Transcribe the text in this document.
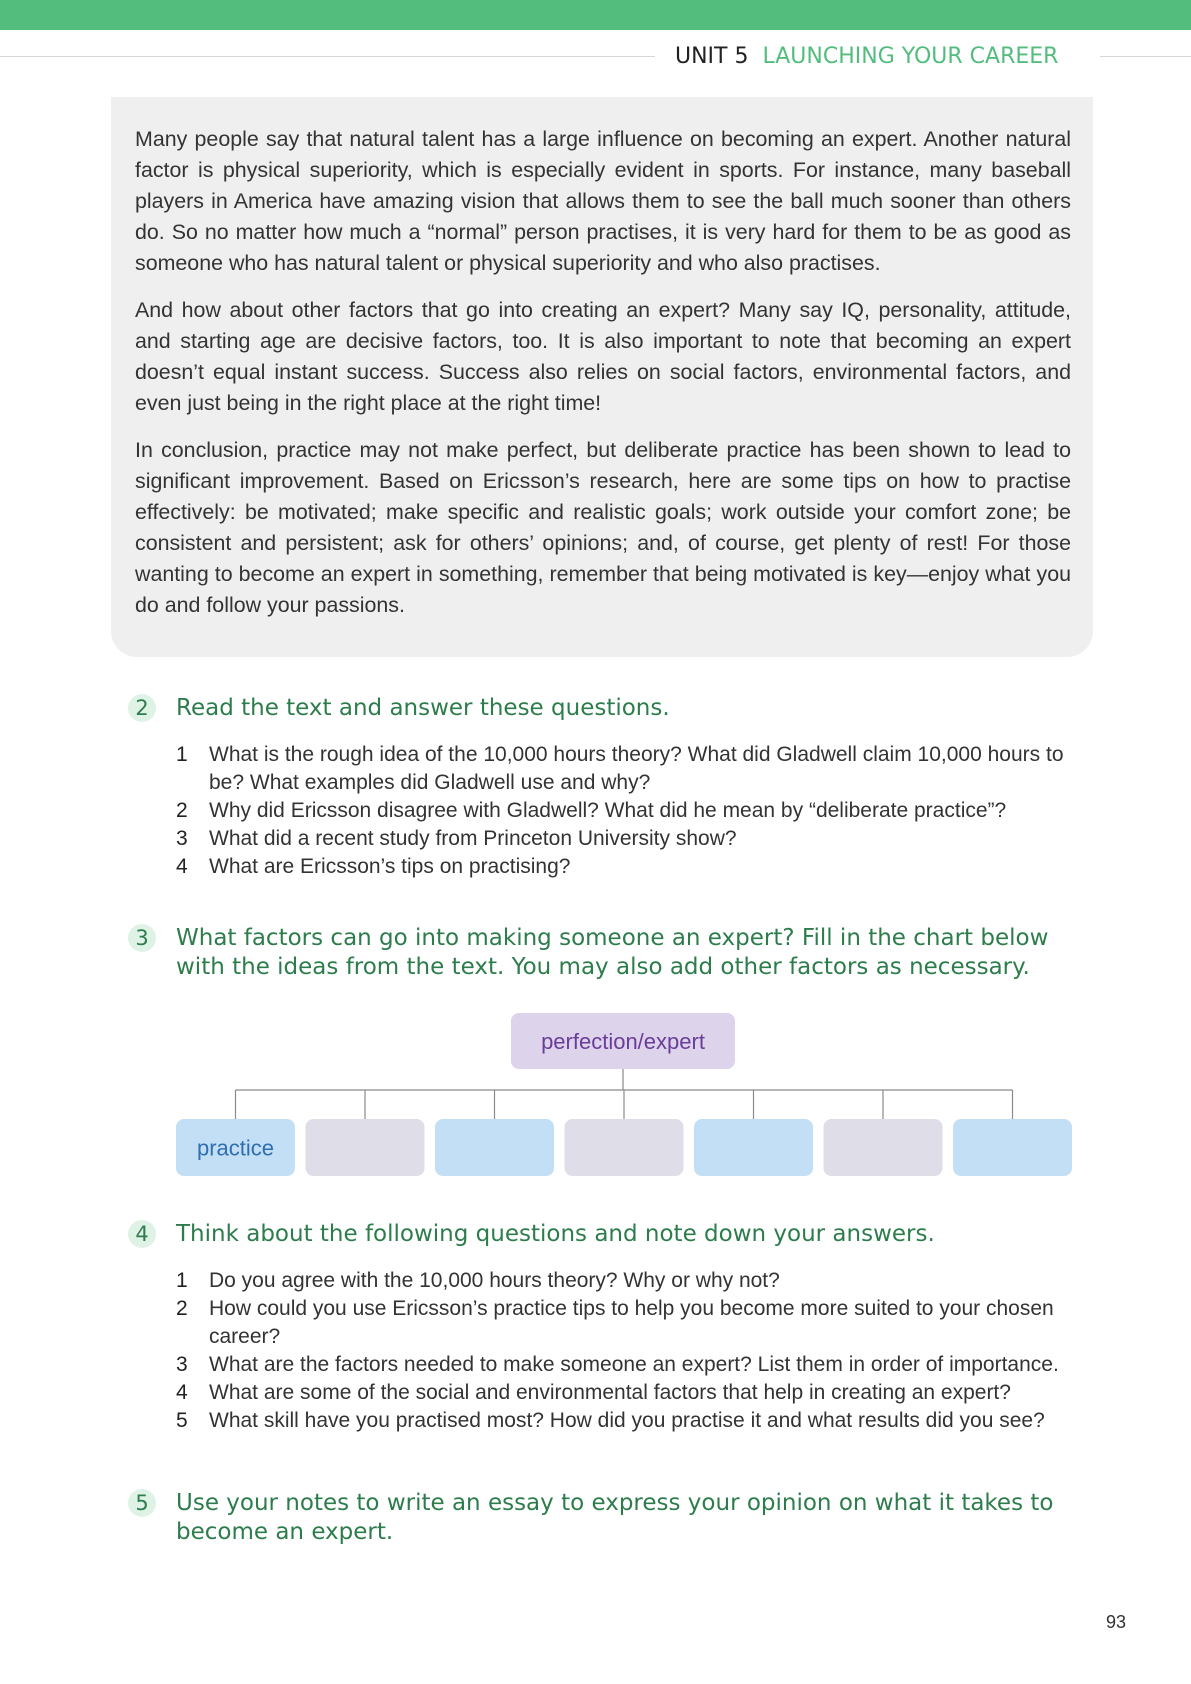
UNIT 5 LAUNCHING YOUR CAREER

Many people say that natural talent has a large influence on becoming an expert. Another natural factor is physical superiority, which is especially evident in sports. For instance, many baseball players in America have amazing vision that allows them to see the ball much sooner than others do. So no matter how much a “normal” person practises, it is very hard for them to be as good as someone who has natural talent or physical superiority and who also practises.

And how about other factors that go into creating an expert? Many say IQ, personality, attitude, and starting age are decisive factors, too. It is also important to note that becoming an expert doesn’t equal instant success. Success also relies on social factors, environmental factors, and even just being in the right place at the right time!

In conclusion, practice may not make perfect, but deliberate practice has been shown to lead to significant improvement. Based on Ericsson’s research, here are some tips on how to practise effectively: be motivated; make specific and realistic goals; work outside your comfort zone; be consistent and persistent; ask for others’ opinions; and, of course, get plenty of rest! For those wanting to become an expert in something, remember that being motivated is key—enjoy what you do and follow your passions.

2	Read the text and answer these questions.
1 What is the rough idea of the 10,000 hours theory? What did Gladwell claim 10,000 hours to be? What examples did Gladwell use and why?
2 Why did Ericsson disagree with Gladwell? What did he mean by “deliberate practice”?
3 What did a recent study from Princeton University show?
4 What are Ericsson’s tips on practising?
3	What factors can go into making someone an expert? Fill in the chart below with the ideas from the text. You may also add other factors as necessary.
perfection/expert
practice
4	Think about the following questions and note down your answers.
1 Do you agree with the 10,000 hours theory? Why or why not?
2 How could you use Ericsson’s practice tips to help you become more suited to your chosen career?
3 What are the factors needed to make someone an expert? List them in order of importance.
4 What are some of the social and environmental factors that help in creating an expert?
5 What skill have you practised most? How did you practise it and what results did you see?
5	Use your notes to write an essay to express your opinion on what it takes to become an expert.
93
